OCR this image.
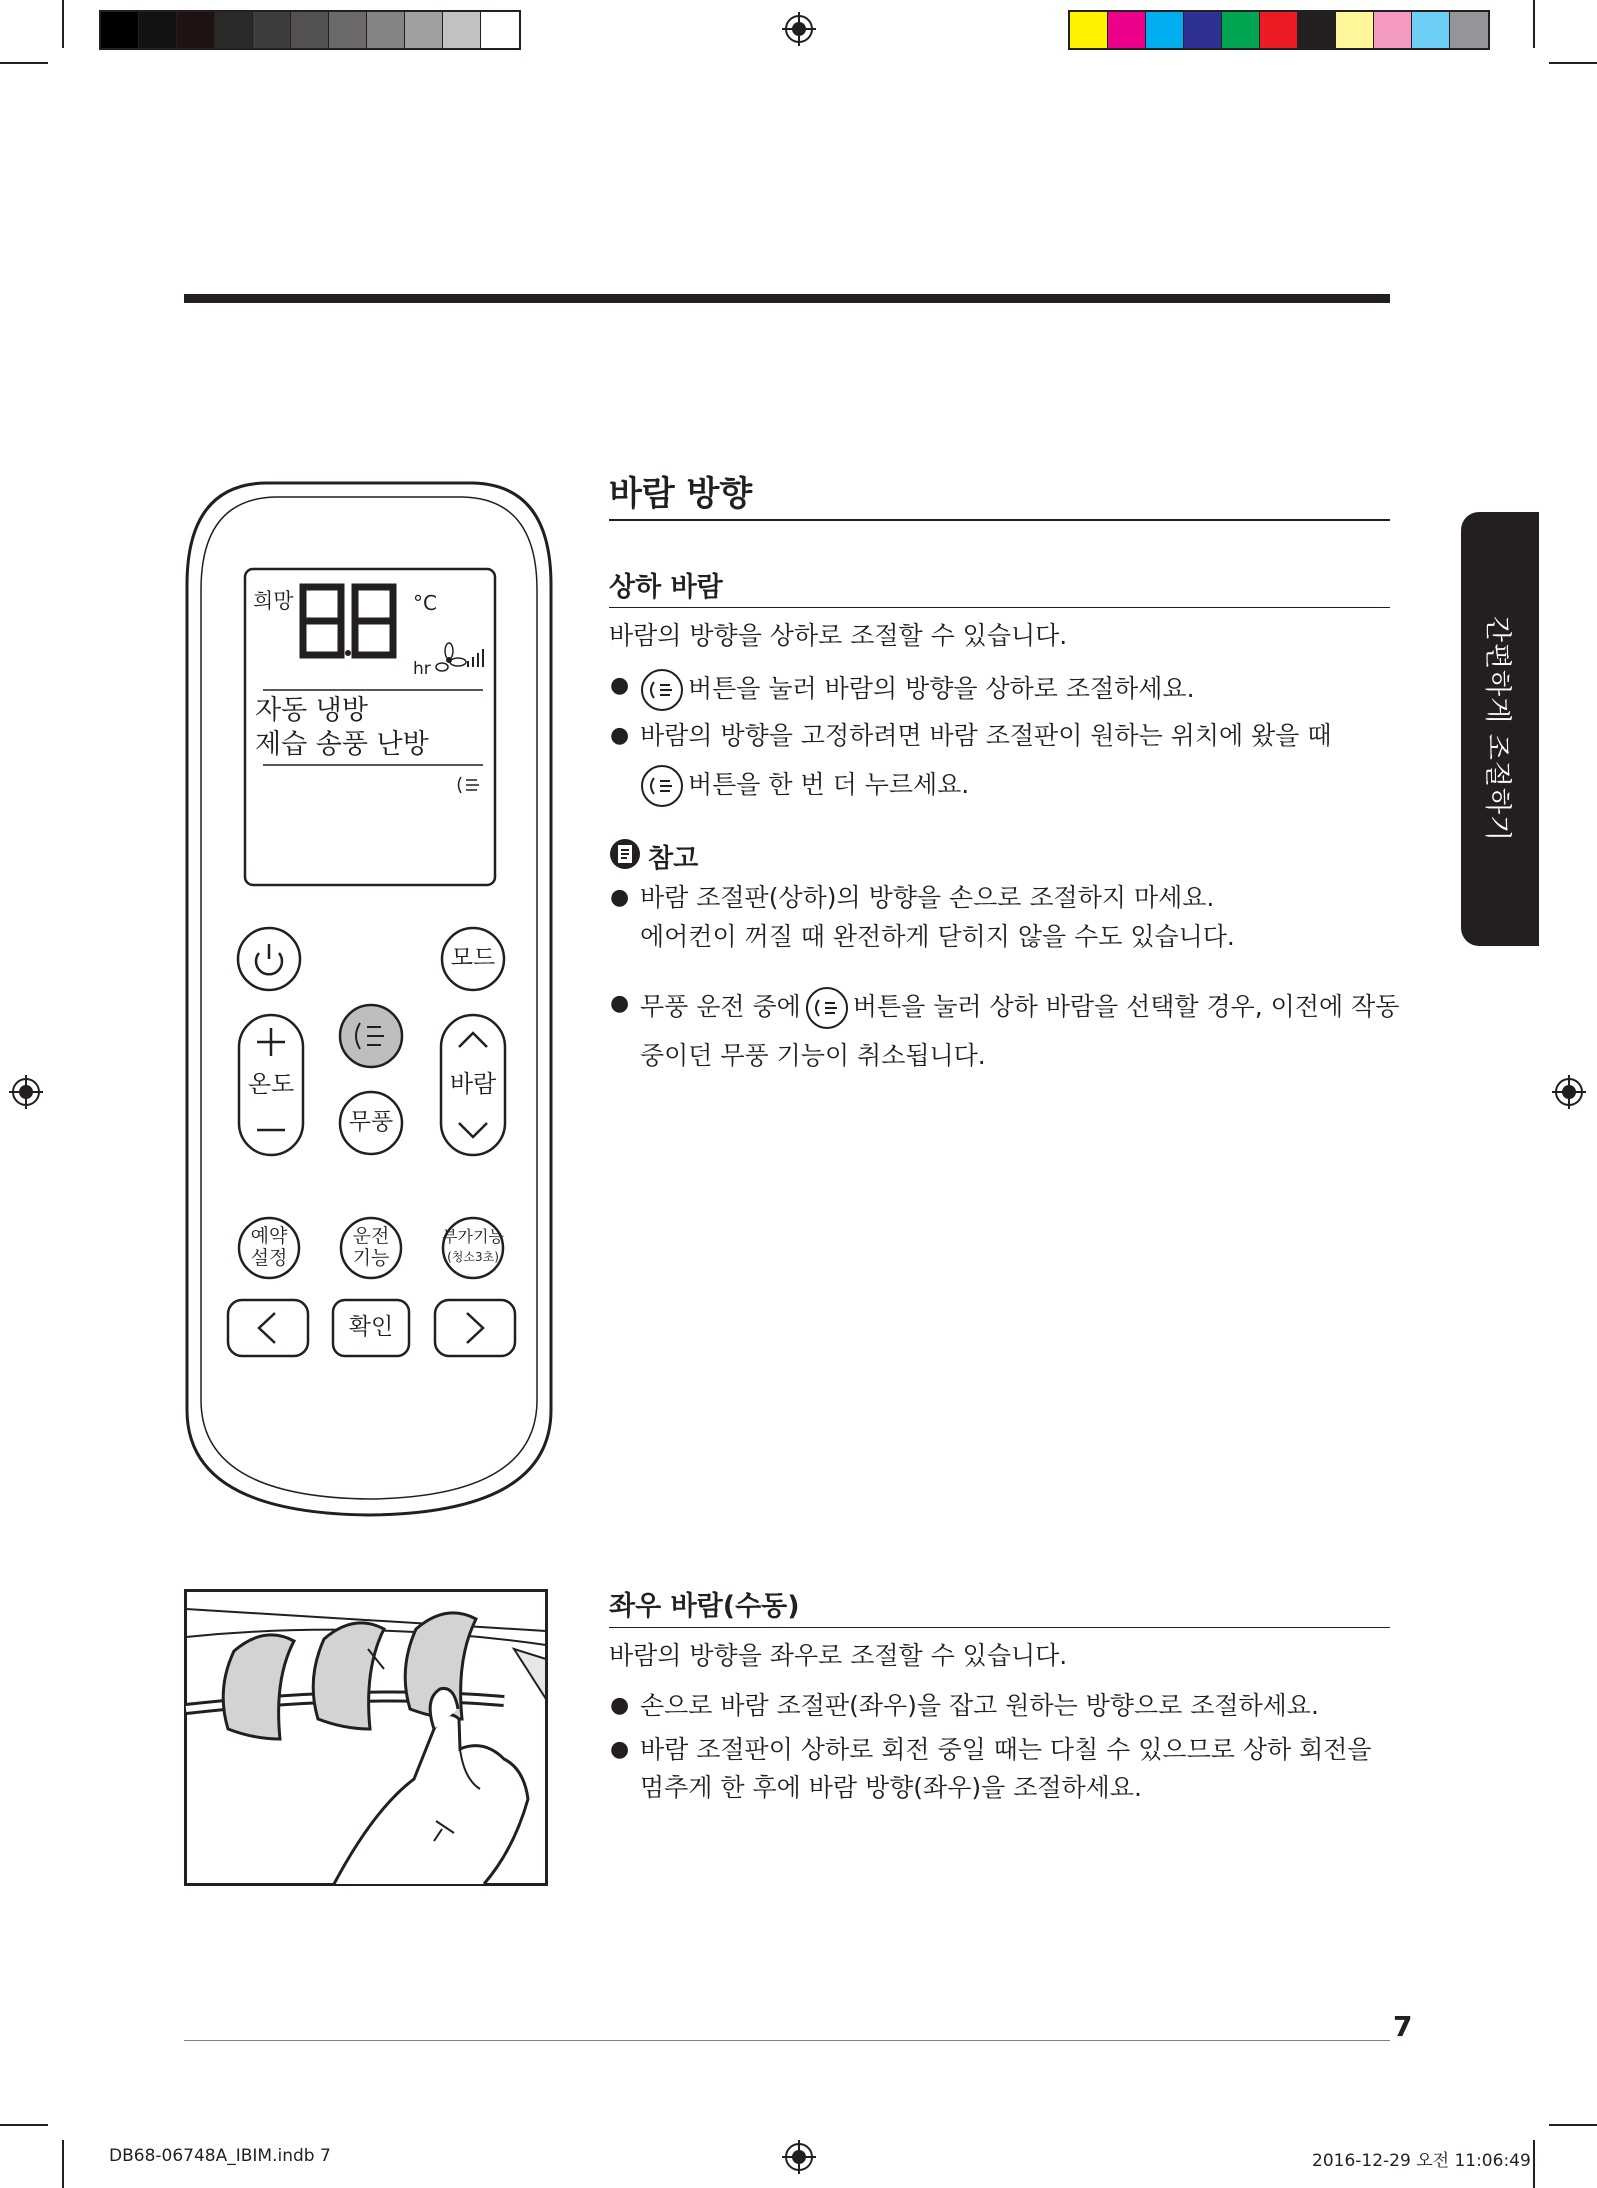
간편하게 조절하기
바람 방향
상하 바람
바람의 방향을 상하로 조절할 수 있습니다.
●	버튼을 눌러 바람의 방향을 상하로 조절하세요.
● 바람의 방향을 고정하려면 바람 조절판이 원하는 위치에 왔을 때
버튼을 한 번 더 누르세요.
참고
● 바람 조절판(상하)의 방향을 손으로 조절하지 마세요.
에어컨이 꺼질 때 완전하게 닫히지 않을 수도 있습니다.
● 무풍 운전 중에 버튼을 눌러 상하 바람을 선택할 경우, 이전에 작동
중이던 무풍 기능이 취소됩니다.
좌우 바람(수동)
바람의 방향을 좌우로 조절할 수 있습니다.
● 손으로 바람 조절판(좌우)을 잡고 원하는 방향으로 조절하세요.
● 바람 조절판이 상하로 회전 중일 때는 다칠 수 있으므로 상하 회전을
멈추게 한 후에 바람 방향(좌우)을 조절하세요.
희망	°C
hr
자동 냉방
제습 송풍 난방
모드
온도	바람
무풍
예약
설정
운전
기능
부가기능
(청소3초)
확인
7
DB68-06748A_IBIM.indb 7	2016-12-29 오전 11:06:49
